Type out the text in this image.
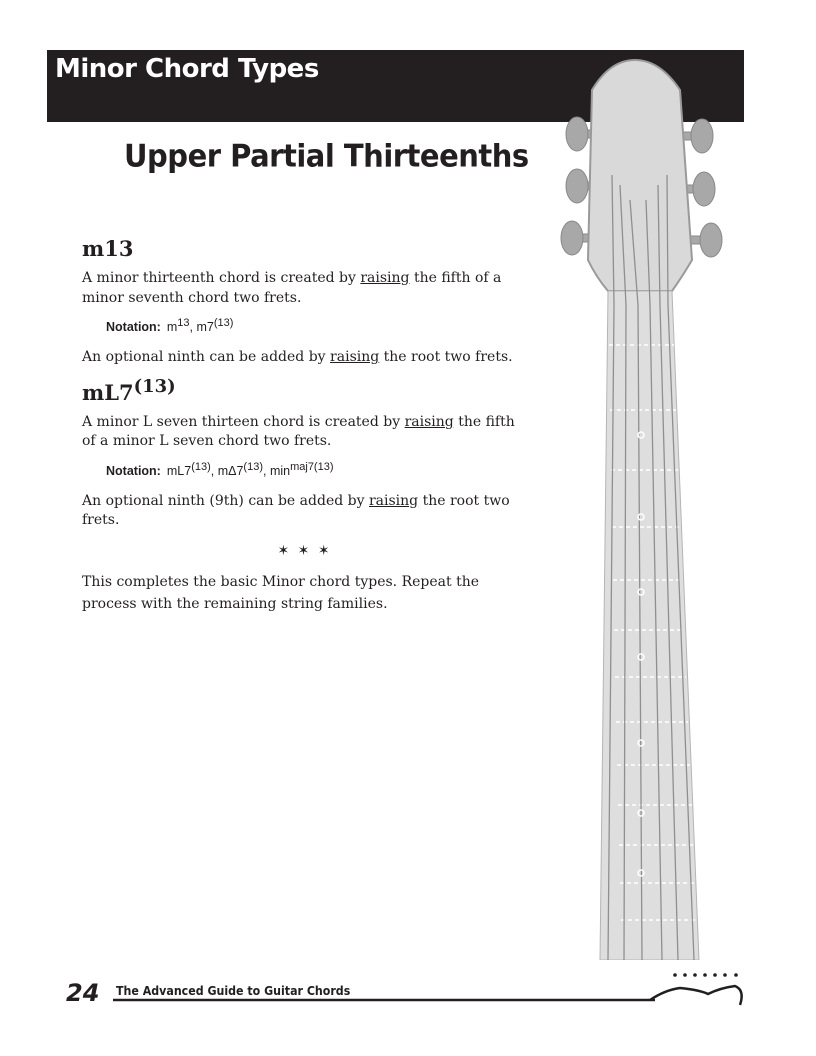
Minor Chord Types
Upper Partial Thirteenths
m13

A minor thirteenth chord is created by raising the fifth of a minor seventh chord two frets.

Notation: $m^{13}$, m7$^{(13)}$

An optional ninth can be added by raising the root two frets.

mL7$^{(13)}$

A minor L seven thirteen chord is created by raising the fifth of a minor L seven chord two frets.

Notation: mL7$^{(13)}$, mΔ7$^{(13)}$, $\min^{maj7(13)}$

An optional ninth (9th) can be added by raising the root two frets.

✶ ✶ ✶

This completes the basic Minor chord types. Repeat the process with the remaining string families.

24 The Advanced Guide to Guitar Chords
